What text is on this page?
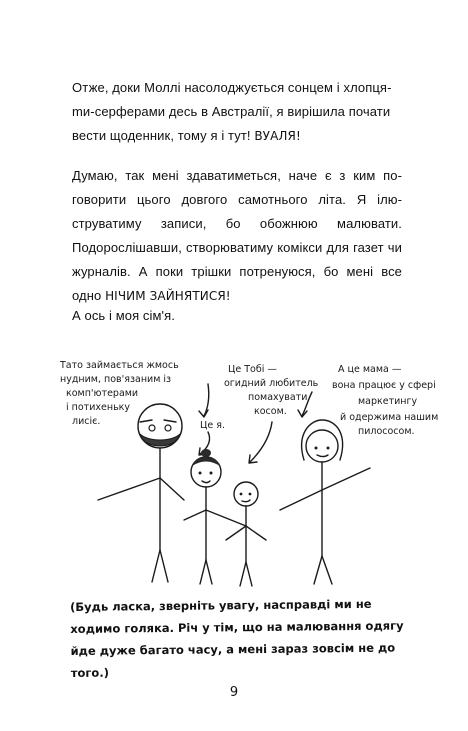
Отже, доки Моллі насолоджується сонцем і хлопцяmи-серферами десь в Австралії, я вирішила почати вести щоденник, тому я і тут! ВУАЛЯ!

Думаю, так мені здаватиметься, наче є з ким поговорити цього довгого самотнього літа. Я ілюструватиму записи, бо обожнюю малювати. Подорослішавши, створюватиму комікси для газет чи журналів. А поки трішки потренуюся, бо мені все одно НІЧИМ ЗАЙНЯТИСЯ!

А ось і моя сім'я.

Тато займається жмось
нудним, пов'язаним із
комп'ютерами
і потихеньку
лисіє.	Це я.
Це Тобі —
огидний любитель
помахувати
косом.
А це мама —
вона працює у сфері
маркетингу
й одержима нашим
пилососом.

(Будь ласка, зверніть увагу, насправді ми не ходимо голяка. Річ у тім, що на малювання одягу йде дуже багато часу, а мені зараз зовсім не до того.)

9
